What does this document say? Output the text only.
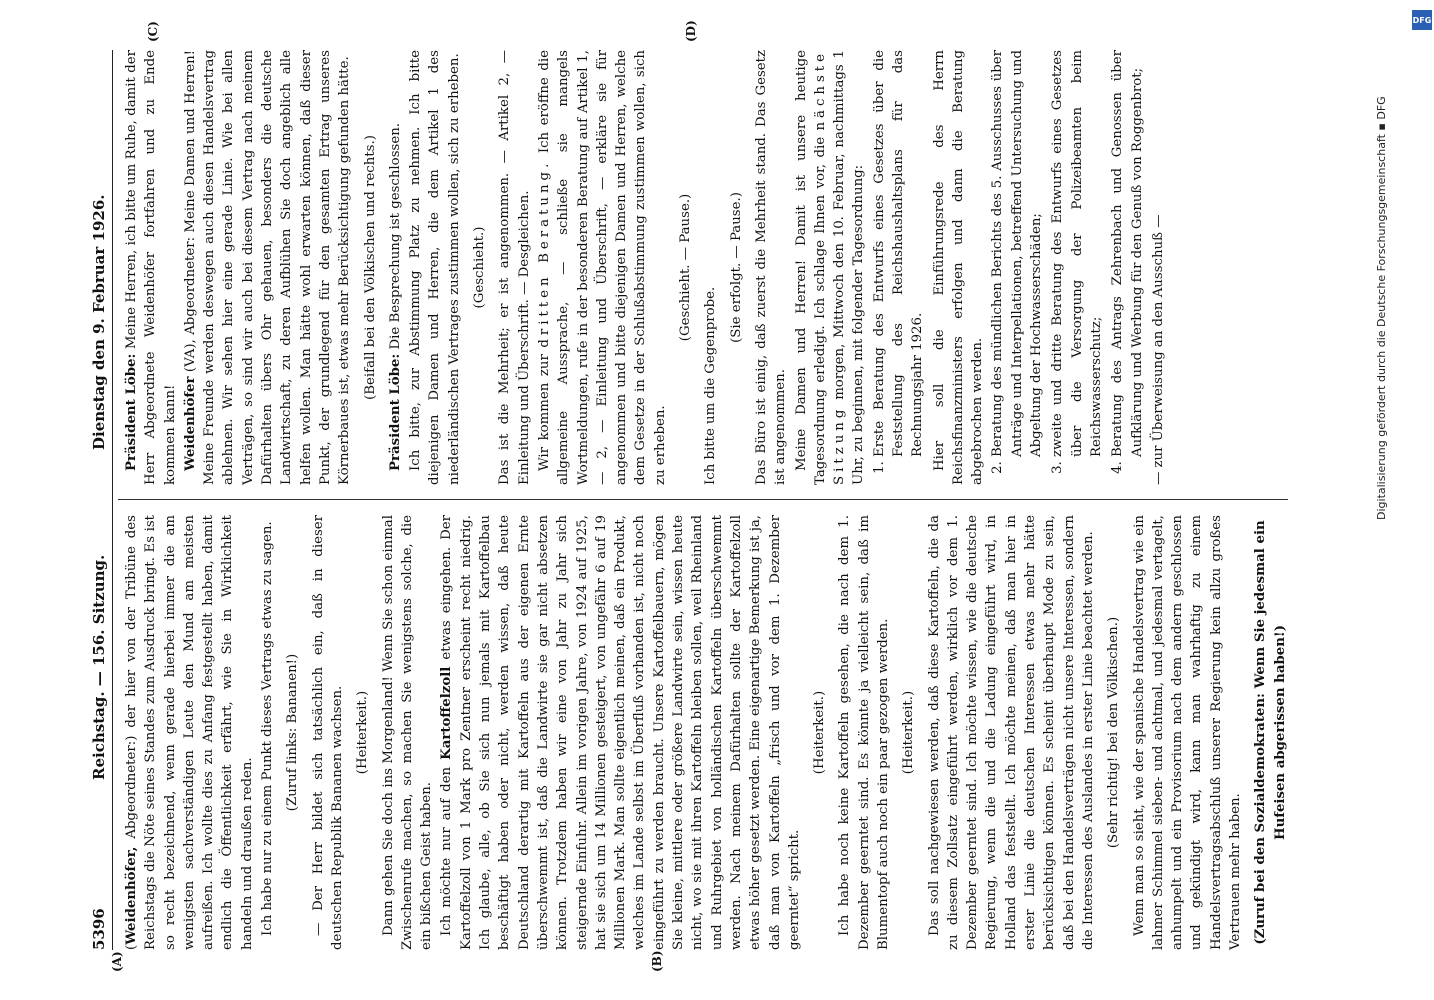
5396
Reichstag. — 156. Sitzung.
Dienstag den 9. Februar 1926.
(A)	(B)
(C)	(D)

(Weidenhöfer, Abgeordneter:) der hier von der Tribüne des Reichstags die Nöte seines Standes zum Ausdruck bringt. Es ist so recht bezeichnend, wenn gerade hierbei immer die am wenigsten sachverständigen Leute den Mund am meisten aufreißen. Ich wollte dies zu Anfang festgestellt haben, damit endlich die Öffentlichkeit erfährt, wie Sie in Wirklichkeit handeln und draußen reden. Ich habe nur zu einem Punkt dieses Vertrags etwas zu sagen. (Zuruf links: Bananen!) — Der Herr bildet sich tatsächlich ein, daß in dieser deutschen Republik Bananen wachsen. (Heiterkeit.) Dann gehen Sie doch ins Morgenland! Wenn Sie schon einmal Zwischenrufe machen, so machen Sie wenigstens solche, die ein bißchen Geist haben. Ich möchte nur auf den Kartoffelzoll etwas eingehen. Der Kartoffelzoll von 1 Mark pro Zentner erscheint recht niedrig. Ich glaube, alle, ob Sie sich nun jemals mit Kartoffelbau beschäftigt haben oder nicht, werden wissen, daß heute Deutschland derartig mit Kartoffeln aus der eigenen Ernte überschwemmt ist, daß die Landwirte sie gar nicht absetzen können. Trotzdem haben wir eine von Jahr zu Jahr sich steigernde Einfuhr. Allein im vorigen Jahre, von 1924 auf 1925, hat sie sich um 14 Millionen gesteigert, von ungefähr 6 auf 19 Millionen Mark. Man sollte eigentlich meinen, daß ein Produkt, welches im Lande selbst im Überfluß vorhanden ist, nicht noch eingeführt zu werden braucht. Unsere Kartoffelbauern, mögen Sie kleine, mittlere oder größere Landwirte sein, wissen heute nicht, wo sie mit ihren Kartoffeln bleiben sollen, weil Rheinland und Ruhrgebiet von holländischen Kartoffeln überschwemmt werden. Nach meinem Dafürhalten sollte der Kartoffelzoll etwas höher gesetzt werden. Eine eigenartige Bemerkung ist ja, daß man von Kartoffeln „frisch und vor dem 1. Dezember geerntet“ spricht.

(Heiterkeit.) Ich habe noch keine Kartoffeln gesehen, die nach dem 1. Dezember geerntet sind. Es könnte ja vielleicht sein, daß im Blumentopf auch noch ein paar gezogen werden. (Heiterkeit.) Das soll nachgewiesen werden, daß diese Kartoffeln, die da zu diesem Zollsatz eingeführt werden, wirklich vor dem 1. Dezember geerntet sind. Ich möchte wissen, wie die deutsche Regierung, wenn die und die Ladung eingeführt wird, in Holland das feststellt. Ich möchte meinen, daß man hier in erster Linie die deutschen Interessen etwas mehr hätte berücksichtigen können. Es scheint überhaupt Mode zu sein, daß bei den Handelsverträgen nicht unsere Interessen, sondern die Interessen des Auslandes in erster Linie beachtet werden. (Sehr richtig! bei den Völkischen.) Wenn man so sieht, wie der spanische Handelsvertrag wie ein lahmer Schimmel sieben- und achtmal, und jedesmal vertagelt, anhumpelt und ein Provisorium nach dem andern geschlossen und gekündigt wird, kann man wahrhaftig zu einem Handelsvertragsabschluß unserer Regierung kein allzu großes Vertrauen mehr haben. (Zuruf bei den Sozialdemokraten: Wenn Sie jedesmal ein Hufeisen abgerissen haben!)

Präsident Löbe: Meine Herren, ich bitte um Ruhe, damit der Herr Abgeordnete Weidenhöfer fortfahren und zu Ende kommen kann! Weidenhöfer (VA), Abgeordneter: Meine Damen und Herren! Meine Freunde werden deswegen auch diesen Handelsvertrag ablehnen. Wir sehen hier eine gerade Linie. Wie bei allen Verträgen, so sind wir auch bei diesem Vertrag nach meinem Dafürhalten übers Ohr gehauen, besonders die deutsche Landwirtschaft, zu deren Aufblühen Sie doch angeblich alle helfen wollen. Man hätte wohl erwarten können, daß dieser Punkt, der grundlegend für den gesamten Ertrag unseres Körnerbaues ist, etwas mehr Berücksichtigung gefunden hätte. (Beifall bei den Völkischen und rechts.)

Präsident Löbe: Die Besprechung ist geschlossen. Ich bitte, zur Abstimmung Platz zu nehmen. Ich bitte diejenigen Damen und Herren, die dem Artikel 1 des niederländischen Vertrages zustimmen wollen, sich zu erheben. (Geschieht.) Das ist die Mehrheit; er ist angenommen. — Artikel 2, — Einleitung und Überschrift. — Desgleichen. Wir kommen zur dritten Beratung. Ich eröffne die allgemeine Aussprache, — schließe sie mangels Wortmeldungen, rufe in der besonderen Beratung auf Artikel 1, — 2, — Einleitung und Überschrift, — erkläre sie für angenommen und bitte diejenigen Damen und Herren, welche dem Gesetze in der Schlußabstimmung zustimmen wollen, sich zu erheben.

(Geschieht. — Pause.)

Ich bitte um die Gegenprobe.

(Sie erfolgt. — Pause.) Das Büro ist einig, daß zuerst die Mehrheit stand. Das Gesetz ist angenommen. Meine Damen und Herren! Damit ist unsere heutige Tagesordnung erledigt. Ich schlage Ihnen vor, die nächste Sitzung morgen, Mittwoch den 10. Februar, nachmittags 1 Uhr, zu beginnen, mit folgender Tagesordnung: 1. Erste Beratung des Entwurfs eines Gesetzes über die Feststellung des Reichshaushaltsplans für das Rechnungsjahr 1926. Hier soll die Einführungsrede des Herrn Reichsfinanzministers erfolgen und dann die Beratung abgebrochen werden. 2. Beratung des mündlichen Berichts des 5. Ausschusses über Anträge und Interpellationen, betreffend Untersuchung und Abgeltung der Hochwasserschäden; 3. zweite und dritte Beratung des Entwurfs eines Gesetzes über die Versorgung der Polizeibeamten beim Reichswasserschutz; 4. Beratung des Antrags Zehrenbach und Genossen über Aufklärung und Werbung für den Genuß von Roggenbrot; — zur Überweisung an den Ausschuß —

DFG
Digitalisierung gefördert durch die Deutsche Forschungsgemeinschaft ▪ DFG
